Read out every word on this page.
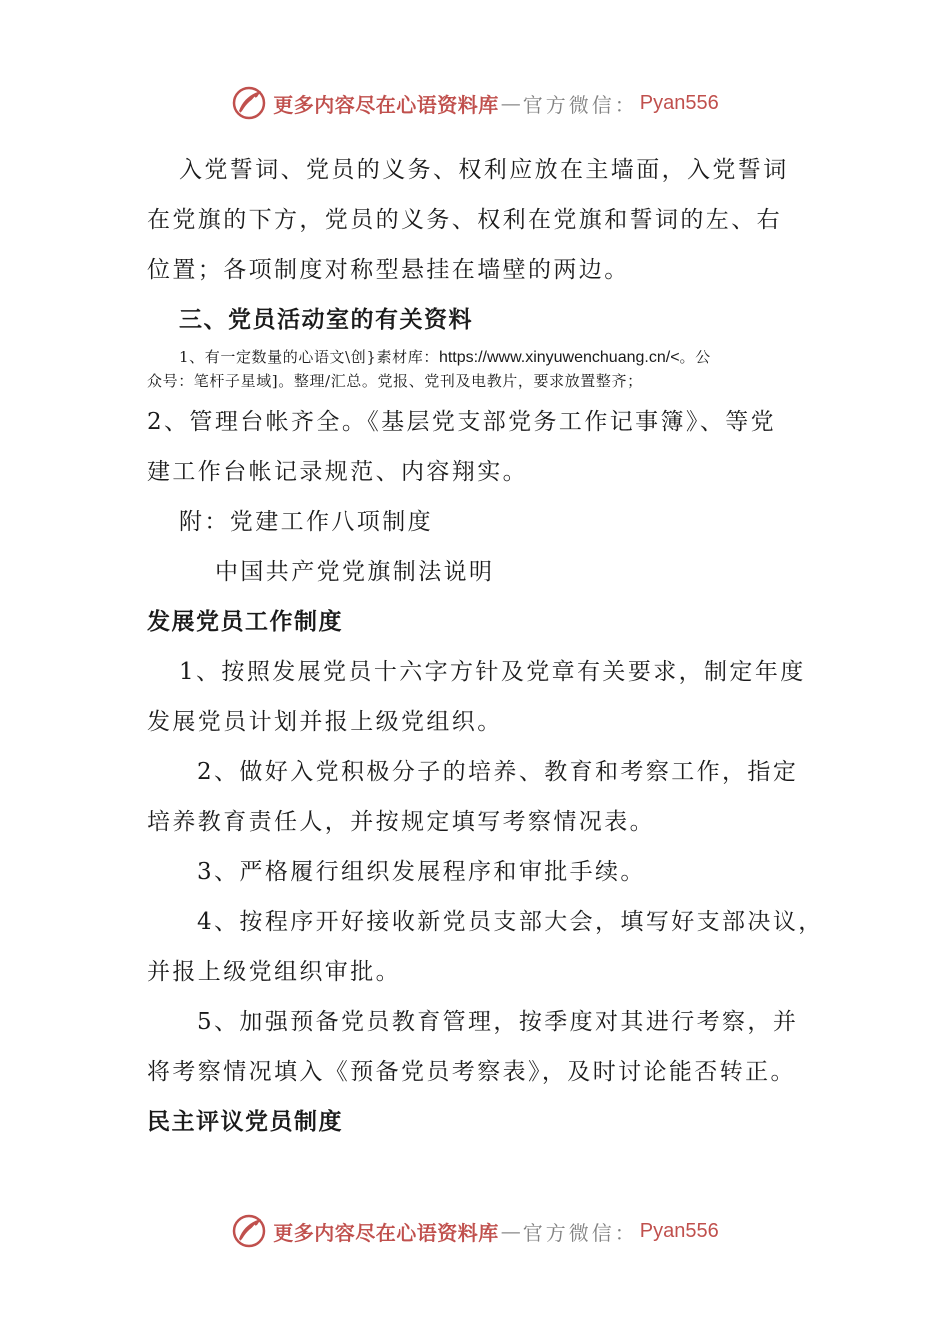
更多内容尽在心语资料库 — 官方微信： Pyan556
入党誓词、党员的义务、权利应放在主墙面，入党誓词
在党旗的下方，党员的义务、权利在党旗和誓词的左、右
位置；各项制度对称型悬挂在墙壁的两边。
三、党员活动室的有关资料
1、有一定数量的心语文\创}素材库：https://www.xinyuwenchuang.cn/<。公
众号：笔杆子星域]。整理/汇总。党报、党刊及电教片，要求放置整齐；
2、管理台帐齐全。《基层党支部党务工作记事簿》、等党
建工作台帐记录规范、内容翔实。
附：党建工作八项制度
中国共产党党旗制法说明
发展党员工作制度
1、按照发展党员十六字方针及党章有关要求，制定年度
发展党员计划并报上级党组织。
2、做好入党积极分子的培养、教育和考察工作，指定
培养教育责任人，并按规定填写考察情况表。
3、严格履行组织发展程序和审批手续。
4、按程序开好接收新党员支部大会，填写好支部决议，
并报上级党组织审批。
5、加强预备党员教育管理，按季度对其进行考察，并
将考察情况填入《预备党员考察表》，及时讨论能否转正。
民主评议党员制度
更多内容尽在心语资料库 — 官方微信： Pyan556
